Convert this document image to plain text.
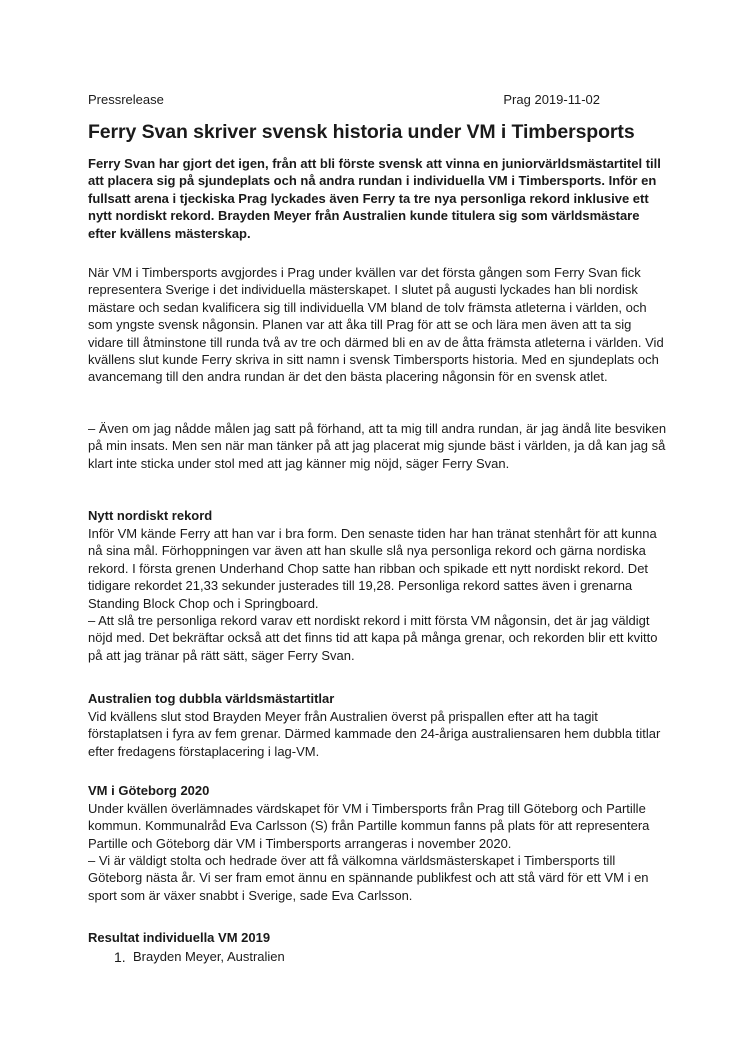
Pressrelease	Prag 2019-11-02
Ferry Svan skriver svensk historia under VM i Timbersports

Ferry Svan har gjort det igen, från att bli förste svensk att vinna en juniorvärldsmästartitel till att placera sig på sjundeplats och nå andra rundan i individuella VM i Timbersports. Inför en fullsatt arena i tjeckiska Prag lyckades även Ferry ta tre nya personliga rekord inklusive ett nytt nordiskt rekord. Brayden Meyer från Australien kunde titulera sig som världsmästare efter kvällens mästerskap.

När VM i Timbersports avgjordes i Prag under kvällen var det första gången som Ferry Svan fick representera Sverige i det individuella mästerskapet. I slutet på augusti lyckades han bli nordisk mästare och sedan kvalificera sig till individuella VM bland de tolv främsta atleterna i världen, och som yngste svensk någonsin. Planen var att åka till Prag för att se och lära men även att ta sig vidare till åtminstone till runda två av tre och därmed bli en av de åtta främsta atleterna i världen. Vid kvällens slut kunde Ferry skriva in sitt namn i svensk Timbersports historia. Med en sjundeplats och avancemang till den andra rundan är det den bästa placering någonsin för en svensk atlet.

– Även om jag nådde målen jag satt på förhand, att ta mig till andra rundan, är jag ändå lite besviken på min insats. Men sen när man tänker på att jag placerat mig sjunde bäst i världen, ja då kan jag så klart inte sticka under stol med att jag känner mig nöjd, säger Ferry Svan.

Nytt nordiskt rekord

Inför VM kände Ferry att han var i bra form. Den senaste tiden har han tränat stenhårt för att kunna nå sina mål. Förhoppningen var även att han skulle slå nya personliga rekord och gärna nordiska rekord. I första grenen Underhand Chop satte han ribban och spikade ett nytt nordiskt rekord. Det tidigare rekordet 21,33 sekunder justerades till 19,28. Personliga rekord sattes även i grenarna Standing Block Chop och i Springboard.

– Att slå tre personliga rekord varav ett nordiskt rekord i mitt första VM någonsin, det är jag väldigt nöjd med. Det bekräftar också att det finns tid att kapa på många grenar, och rekorden blir ett kvitto på att jag tränar på rätt sätt, säger Ferry Svan.

Australien tog dubbla världsmästartitlar

Vid kvällens slut stod Brayden Meyer från Australien överst på prispallen efter att ha tagit förstaplatsen i fyra av fem grenar. Därmed kammade den 24-åriga australiensaren hem dubbla titlar efter fredagens förstaplacering i lag-VM.

VM i Göteborg 2020

Under kvällen överlämnades värdskapet för VM i Timbersports från Prag till Göteborg och Partille kommun. Kommunalråd Eva Carlsson (S) från Partille kommun fanns på plats för att representera Partille och Göteborg där VM i Timbersports arrangeras i november 2020.

– Vi är väldigt stolta och hedrade över att få välkomna världsmästerskapet i Timbersports till Göteborg nästa år. Vi ser fram emot ännu en spännande publikfest och att stå värd för ett VM i en sport som är växer snabbt i Sverige, sade Eva Carlsson.

Resultat individuella VM 2019
1. Brayden Meyer, Australien
